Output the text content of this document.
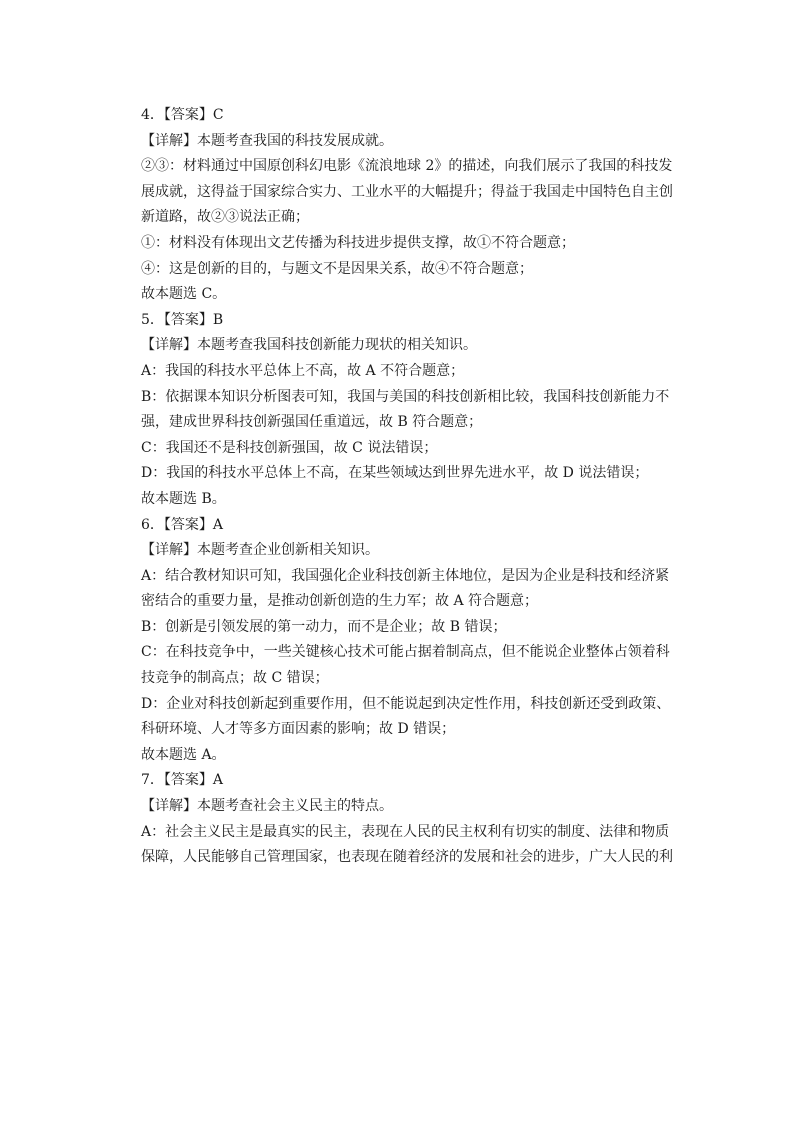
4．【答案】C

【详解】本题考查我国的科技发展成就。

②③：材料通过中国原创科幻电影《流浪地球 2》的描述，向我们展示了我国的科技发

展成就，这得益于国家综合实力、工业水平的大幅提升；得益于我国走中国特色自主创

新道路，故②③说法正确；

①：材料没有体现出文艺传播为科技进步提供支撑，故①不符合题意；

④：这是创新的目的，与题文不是因果关系，故④不符合题意；

故本题选 C。

5．【答案】B

【详解】本题考查我国科技创新能力现状的相关知识。

A：我国的科技水平总体上不高，故 A 不符合题意；

B：依据课本知识分析图表可知，我国与美国的科技创新相比较，我国科技创新能力不

强，建成世界科技创新强国任重道远，故 B 符合题意；

C：我国还不是科技创新强国，故 C 说法错误；

D：我国的科技水平总体上不高，在某些领域达到世界先进水平，故 D 说法错误；

故本题选 B。

6．【答案】A

【详解】本题考查企业创新相关知识。

A：结合教材知识可知，我国强化企业科技创新主体地位，是因为企业是科技和经济紧

密结合的重要力量，是推动创新创造的生力军；故 A 符合题意；

B：创新是引领发展的第一动力，而不是企业；故 B 错误；

C：在科技竞争中，一些关键核心技术可能占据着制高点，但不能说企业整体占领着科

技竞争的制高点；故 C 错误；

D：企业对科技创新起到重要作用，但不能说起到决定性作用，科技创新还受到政策、

科研环境、人才等多方面因素的影响；故 D 错误；

故本题选 A。

7．【答案】A

【详解】本题考查社会主义民主的特点。

A：社会主义民主是最真实的民主，表现在人民的民主权利有切实的制度、法律和物质

保障，人民能够自己管理国家，也表现在随着经济的发展和社会的进步，广大人民的利
